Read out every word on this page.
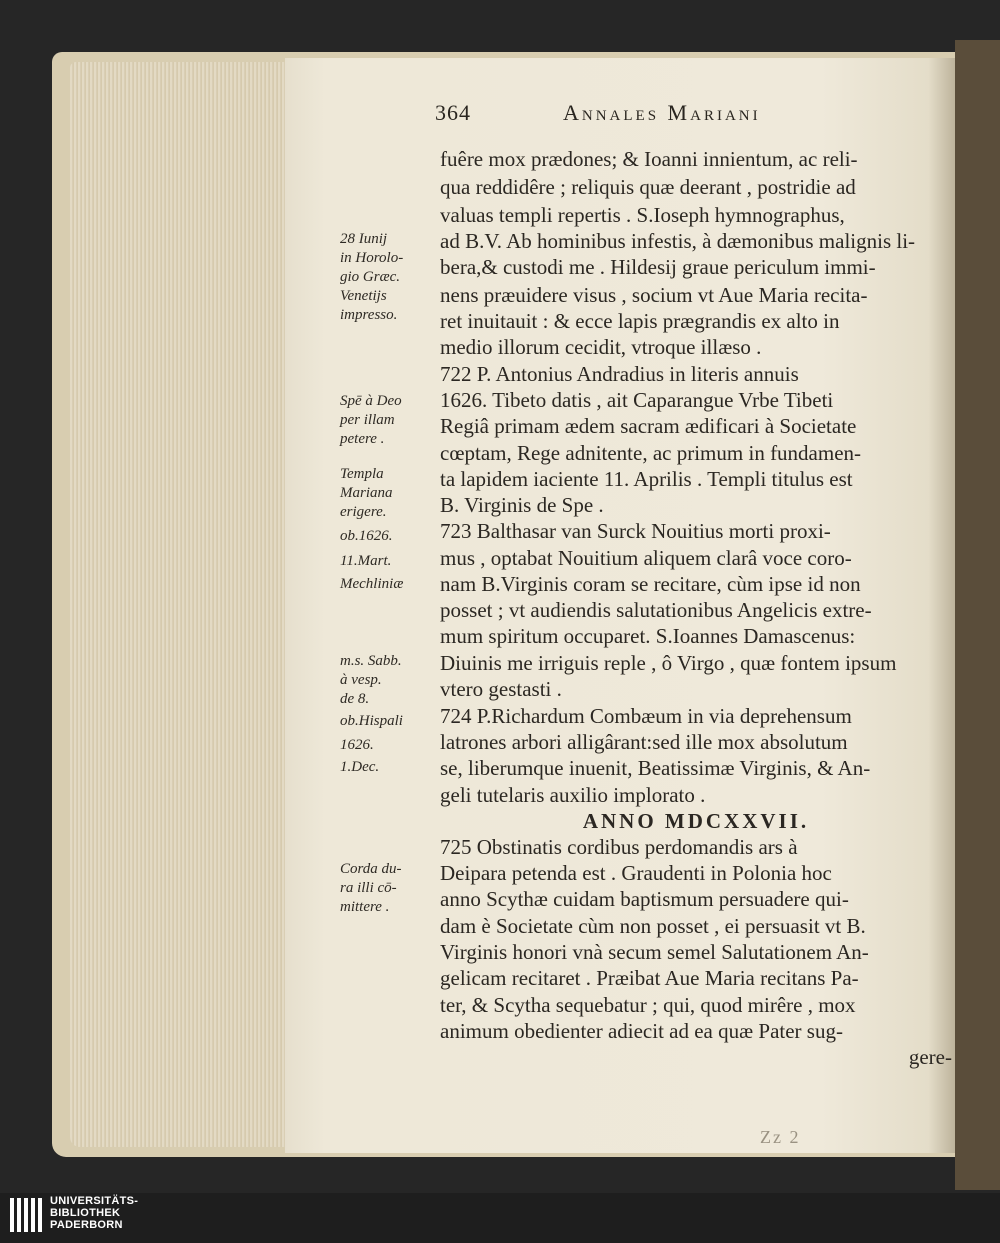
364	Annales Mariani
fuêre mox prædones; & Ioanni innientum, ac reli-
qua reddidêre ; reliquis quæ deerant , postridie ad
valuas templi repertis . S.Ioseph hymnographus,
ad B.V. Ab hominibus infestis, à dæmonibus malignis li-
bera,& custodi me . Hildesij graue periculum immi-
nens præuidere visus , socium vt Aue Maria recita-
ret inuitauit : & ecce lapis prægrandis ex alto in
medio illorum cecidit, vtroque illæso .
722 P. Antonius Andradius in literis annuis
1626. Tibeto datis , ait Caparangue Vrbe Tibeti
Regiâ primam ædem sacram ædificari à Societate
cœptam, Rege adnitente, ac primum in fundamen-
ta lapidem iaciente 11. Aprilis . Templi titulus est
B. Virginis de Spe .
723 Balthasar van Surck Nouitius morti proxi-
mus , optabat Nouitium aliquem clarâ voce coro-
nam B.Virginis coram se recitare, cùm ipse id non
posset ; vt audiendis salutationibus Angelicis extre-
mum spiritum occuparet. S.Ioannes Damascenus:
Diuinis me irriguis reple , ô Virgo , quæ fontem ipsum
vtero gestasti .
724 P.Richardum Combæum in via deprehensum
latrones arbori alligârant:sed ille mox absolutum
se, liberumque inuenit, Beatissimæ Virginis, & An-
geli tutelaris auxilio implorato .
ANNO MDCXXVII.
725 Obstinatis cordibus perdomandis ars à
Deipara petenda est . Graudenti in Polonia hoc
anno Scythæ cuidam baptismum persuadere qui-
dam è Societate cùm non posset , ei persuasit vt B.
Virginis honori vnà secum semel Salutationem An-
gelicam recitaret . Præibat Aue Maria recitans Pa-
ter, & Scytha sequebatur ; qui, quod mirêre , mox
animum obedienter adiecit ad ea quæ Pater sug-
gere-
28 Iunij
in Horolo-
gio Græc.
Venetijs
impresso.
Spē à Deo
per illam
petere .
Templa
Mariana
erigere.
ob.1626.
11.Mart.
Mechliniæ
m.s. Sabb.
à vesp.
de 8.
ob.Hispali
1626.
1.Dec.
Corda du-
ra illi cō-
mittere .
Zz 2
UNIVERSITÄTS-
BIBLIOTHEK
PADERBORN
